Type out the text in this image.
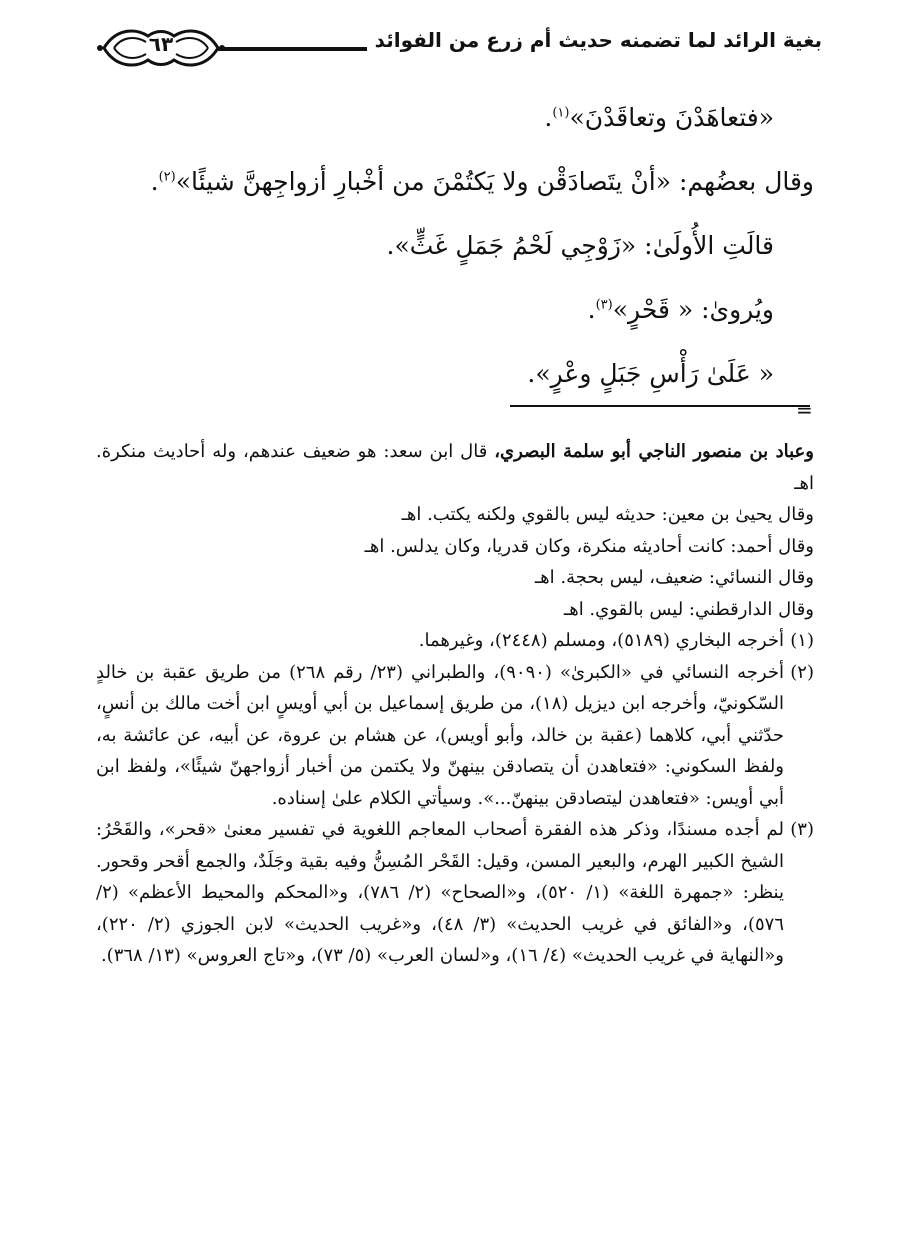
٦٣	بغية الرائد لما تضمنه حديث أم زرع من الفوائد
«فتعاهَدْنَ وتعاقَدْنَ»$^{(١)}$.
وقال بعضُهم: «أنْ يتَصادَقْن ولا يَكتُمْنَ من أخْبارِ أزواجِهنَّ شيئًا»$^{(٢)}$.
قالَتِ الأُولَىٰ: «زَوْجِي لَحْمُ جَمَلٍ غَثٍّ».
ويُروىٰ: « قَحْرٍ»$^{(٣)}$.
« عَلَىٰ رَأْسِ جَبَلٍ وعْرٍ».
=

وعباد بن منصور الناجي أبو سلمة البصري، قال ابن سعد: هو ضعيف عندهم، وله أحاديث منكرة. اهـ

وقال يحيىٰ بن معين: حديثه ليس بالقوي ولكنه يكتب. اهـ

وقال أحمد: كانت أحاديثه منكرة، وكان قدريا، وكان يدلس. اهـ

وقال النسائي: ضعيف، ليس بحجة. اهـ

وقال الدارقطني: ليس بالقوي. اهـ

(١)أخرجه البخاري (٥١٨٩)، ومسلم (٢٤٤٨)، وغيرهما.

(٢)أخرجه النسائي في «الكبرىٰ» (٩٠٩٠)، والطبراني (٢٣/ رقم ٢٦٨) من طريق عقبة بن خالدٍ السّكونيّ، وأخرجه ابن ديزيل (١٨)، من طريق إسماعيل بن أبي أويسٍ ابن أخت مالك بن أنسٍ، حدّثني أبي، كلاهما (عقبة بن خالد، وأبو أويس)، عن هشام بن عروة، عن أبيه، عن عائشة به، ولفظ السكوني: «فتعاهدن أن يتصادقن بينهنّ ولا يكتمن من أخبار أزواجهنّ شيئًا»، ولفظ ابن أبي أويس: «فتعاهدن ليتصادقن بينهنّ...». وسيأتي الكلام علىٰ إسناده.

(٣)لم أجده مسندًا، وذكر هذه الفقرة أصحاب المعاجم اللغوية في تفسير معنىٰ «قحر»، والقَحْرُ: الشيخ الكبير الهرم، والبعير المسن، وقيل: القَحْر المُسِنُّ وفيه بقية وجَلَدٌ، والجمع أقحر وقحور. ينظر: «جمهرة اللغة» (١/ ٥٢٠)، و«الصحاح» (٢/ ٧٨٦)، و«المحكم والمحيط الأعظم» (٢/ ٥٧٦)، و«الفائق في غريب الحديث» (٣/ ٤٨)، و«غريب الحديث» لابن الجوزي (٢/ ٢٢٠)، و«النهاية في غريب الحديث» (٤/ ١٦)، و«لسان العرب» (٥/ ٧٣)، و«تاج العروس» (١٣/ ٣٦٨).
